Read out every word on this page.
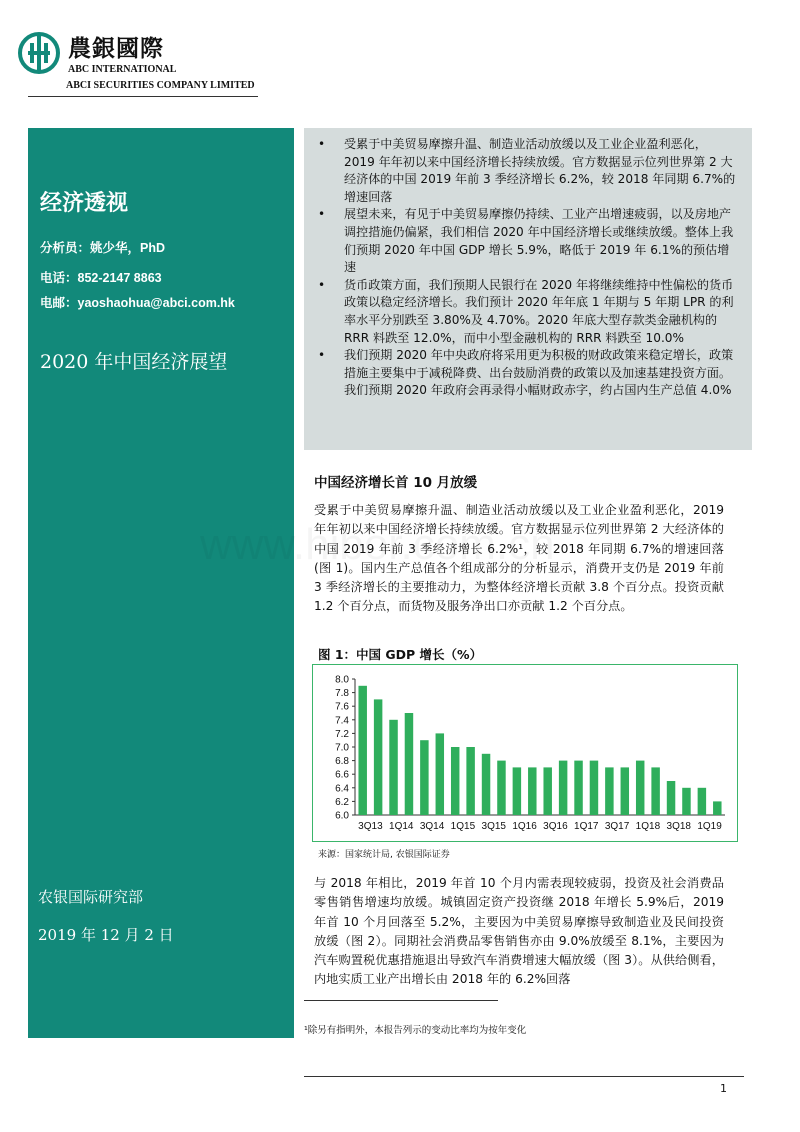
農銀國際
ABC INTERNATIONAL
ABCI SECURITIES COMPANY LIMITED
经济透视
分析员：姚少华，PhD
电话：852-2147 8863
电邮：yaoshaohua@abci.com.hk
2020 年中国经济展望
农银国际研究部
2019 年 12 月 2 日
• 受累于中美贸易摩擦升温、制造业活动放缓以及工业企业盈利恶化，2019 年年初以来中国经济增长持续放缓。官方数据显示位列世界第 2 大经济体的中国 2019 年前 3 季经济增长 6.2%，较 2018 年同期 6.7%的增速回落
• 展望未来，有见于中美贸易摩擦仍持续、工业产出增速疲弱，以及房地产调控措施仍偏紧，我们相信 2020 年中国经济增长或继续放缓。整体上我们预期 2020 年中国 GDP 增长 5.9%，略低于 2019 年 6.1%的预估增速
• 货币政策方面，我们预期人民银行在 2020 年将继续维持中性偏松的货币政策以稳定经济增长。我们预计 2020 年年底 1 年期与 5 年期 LPR 的利率水平分别跌至 3.80%及 4.70%。2020 年底大型存款类金融机构的 RRR 料跌至 12.0%，而中小型金融机构的 RRR 料跌至 10.0%
• 我们预期 2020 年中央政府将采用更为积极的财政政策来稳定增长，政策措施主要集中于减税降费、出台鼓励消费的政策以及加速基建投资方面。我们预期 2020 年政府会再录得小幅财政赤字，约占国内生产总值 4.0%
中国经济增长首 10 月放缓
受累于中美贸易摩擦升温、制造业活动放缓以及工业企业盈利恶化，2019 年年初以来中国经济增长持续放缓。官方数据显示位列世界第 2 大经济体的中国 2019 年前 3 季经济增长 6.2%¹，较 2018 年同期 6.7%的增速回落(图 1)。国内生产总值各个组成部分的分析显示，消费开支仍是 2019 年前 3 季经济增长的主要推动力，为整体经济增长贡献 3.8 个百分点。投资贡献 1.2 个百分点，而货物及服务净出口亦贡献 1.2 个百分点。
图 1：中国 GDP 增长（%）
8.0
7.8
7.6
7.4
7.2
7.0
6.8
6.6
6.4
6.2
6.0
3Q13 1Q14 3Q14 1Q15 3Q15 1Q16 3Q16 1Q17 3Q17 1Q18 3Q18 1Q19
来源：国家统计局, 农银国际证券
与 2018 年相比，2019 年首 10 个月内需表现较疲弱，投资及社会消费品零售销售增速均放缓。城镇固定资产投资继 2018 年增长 5.9%后，2019 年首 10 个月回落至 5.2%，主要因为中美贸易摩擦导致制造业及民间投资放缓（图 2）。同期社会消费品零售销售亦由 9.0%放缓至 8.1%，主要因为汽车购置税优惠措施退出导致汽车消费增速大幅放缓（图 3）。从供给侧看，内地实质工业产出增长由 2018 年的 6.2%回落
¹除另有指明外，本报告列示的变动比率均为按年变化
1
